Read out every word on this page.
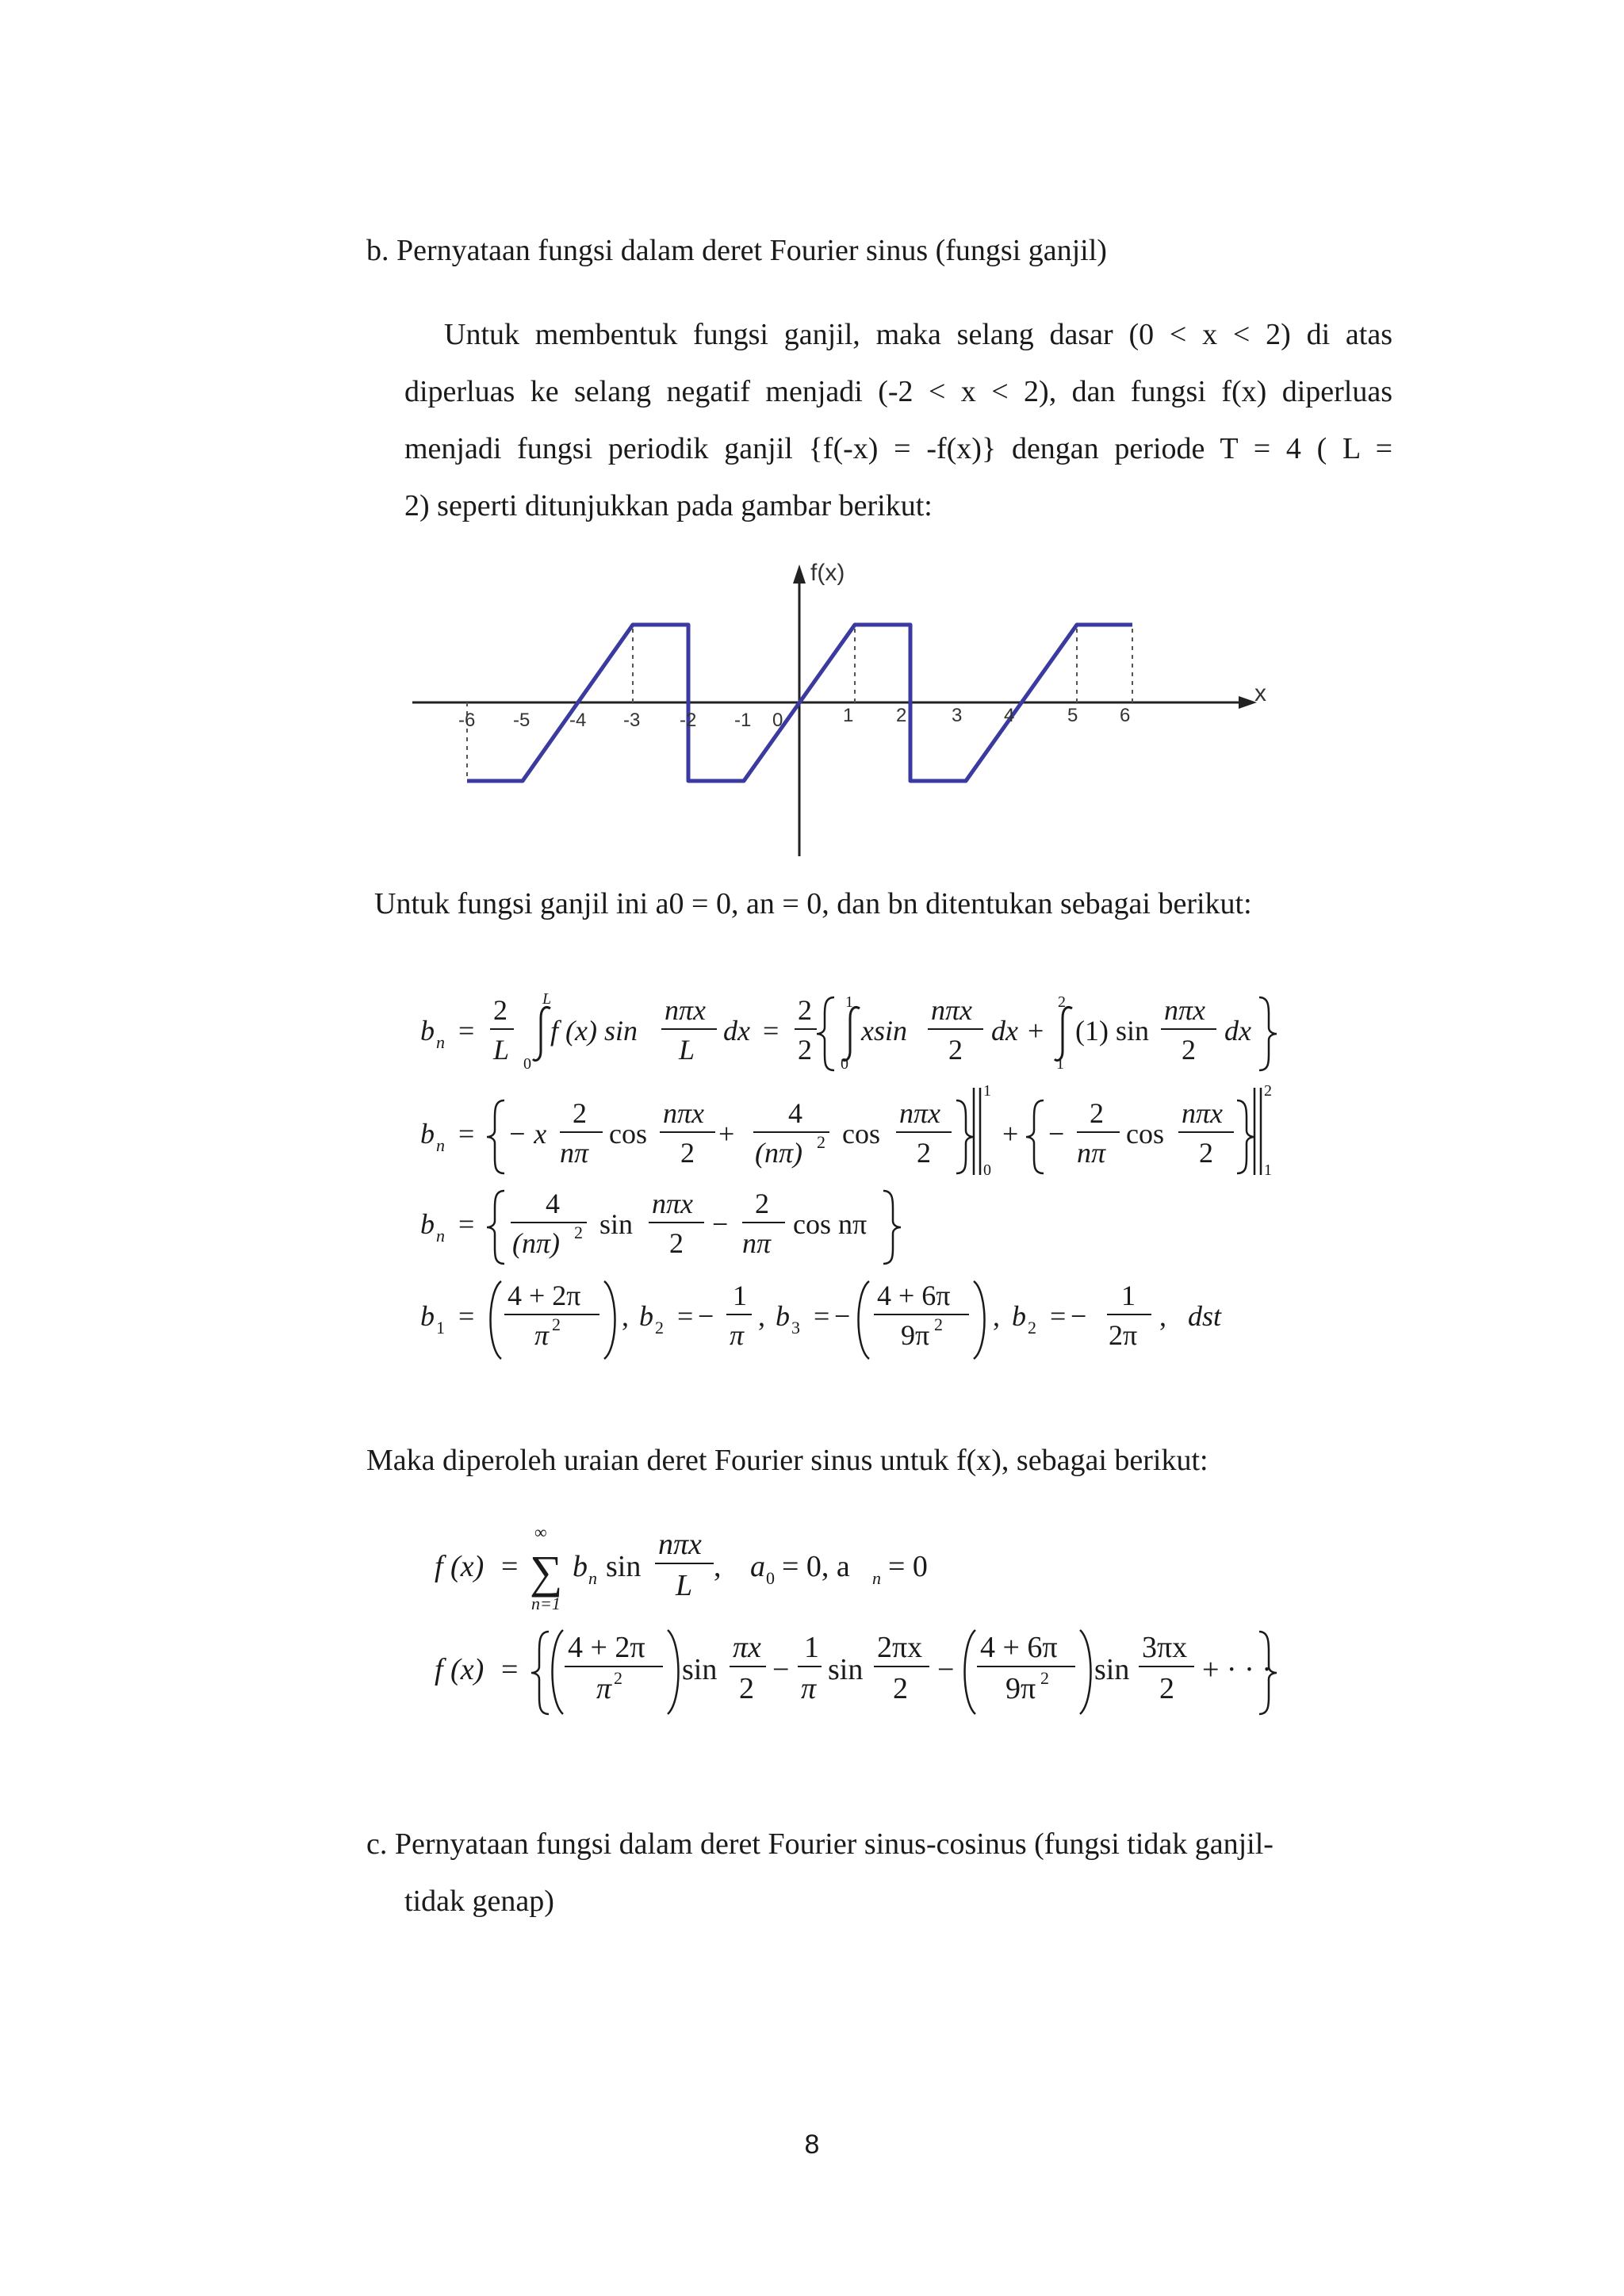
b. Pernyataan fungsi dalam deret Fourier sinus (fungsi ganjil)

Untuk membentuk fungsi ganjil, maka selang dasar (0 < x < 2) di atas

diperluas ke selang negatif menjadi (-2 < x < 2), dan fungsi f(x) diperluas

menjadi fungsi periodik ganjil {f(-x) = -f(x)} dengan periode T = 4 ( L =

2) seperti ditunjukkan pada gambar berikut:

f(x)
x
-6 -5 -4 -3 -2 -1 0	1 2 3 4	5 6

Untuk fungsi ganjil ini a0 = 0, an = 0, dan bn ditentukan sebagai berikut:

b n =
2
L
L
0
f (x) sin
nπx
L
dx =
2
2
1
0
xsin
nπx
2
dx +
2
1
(1) sin
nπx
2
dx
b n = − x
2
nπ
cos
nπx
2
+
4
(nπ) 2 cos
nπx
2
1
0
+ −
2
nπ
cos
nπx
2
2
1
b n =
4
(nπ) 2 sin
nπx
2
−
2
nπ
cos nπ
b 1 =
4 + 2π
π 2 , b 2 = −
1
π
, b 3 = −
4 + 6π
9π 2 , b 2 = −
1
2π
, dst

Maka diperoleh uraian deret Fourier sinus untuk f(x), sebagai berikut:

f (x) =
∞
∑
n=1
b n sin
nπx
L
, a 0 = 0, a n = 0
f (x) =
4 + 2π
π 2 sin
πx
2
−
1
π
sin
2πx
2
−
4 + 6π
9π 2 sin
3πx
2
+ · · ·

c. Pernyataan fungsi dalam deret Fourier sinus-cosinus (fungsi tidak ganjil-

tidak genap)

8
